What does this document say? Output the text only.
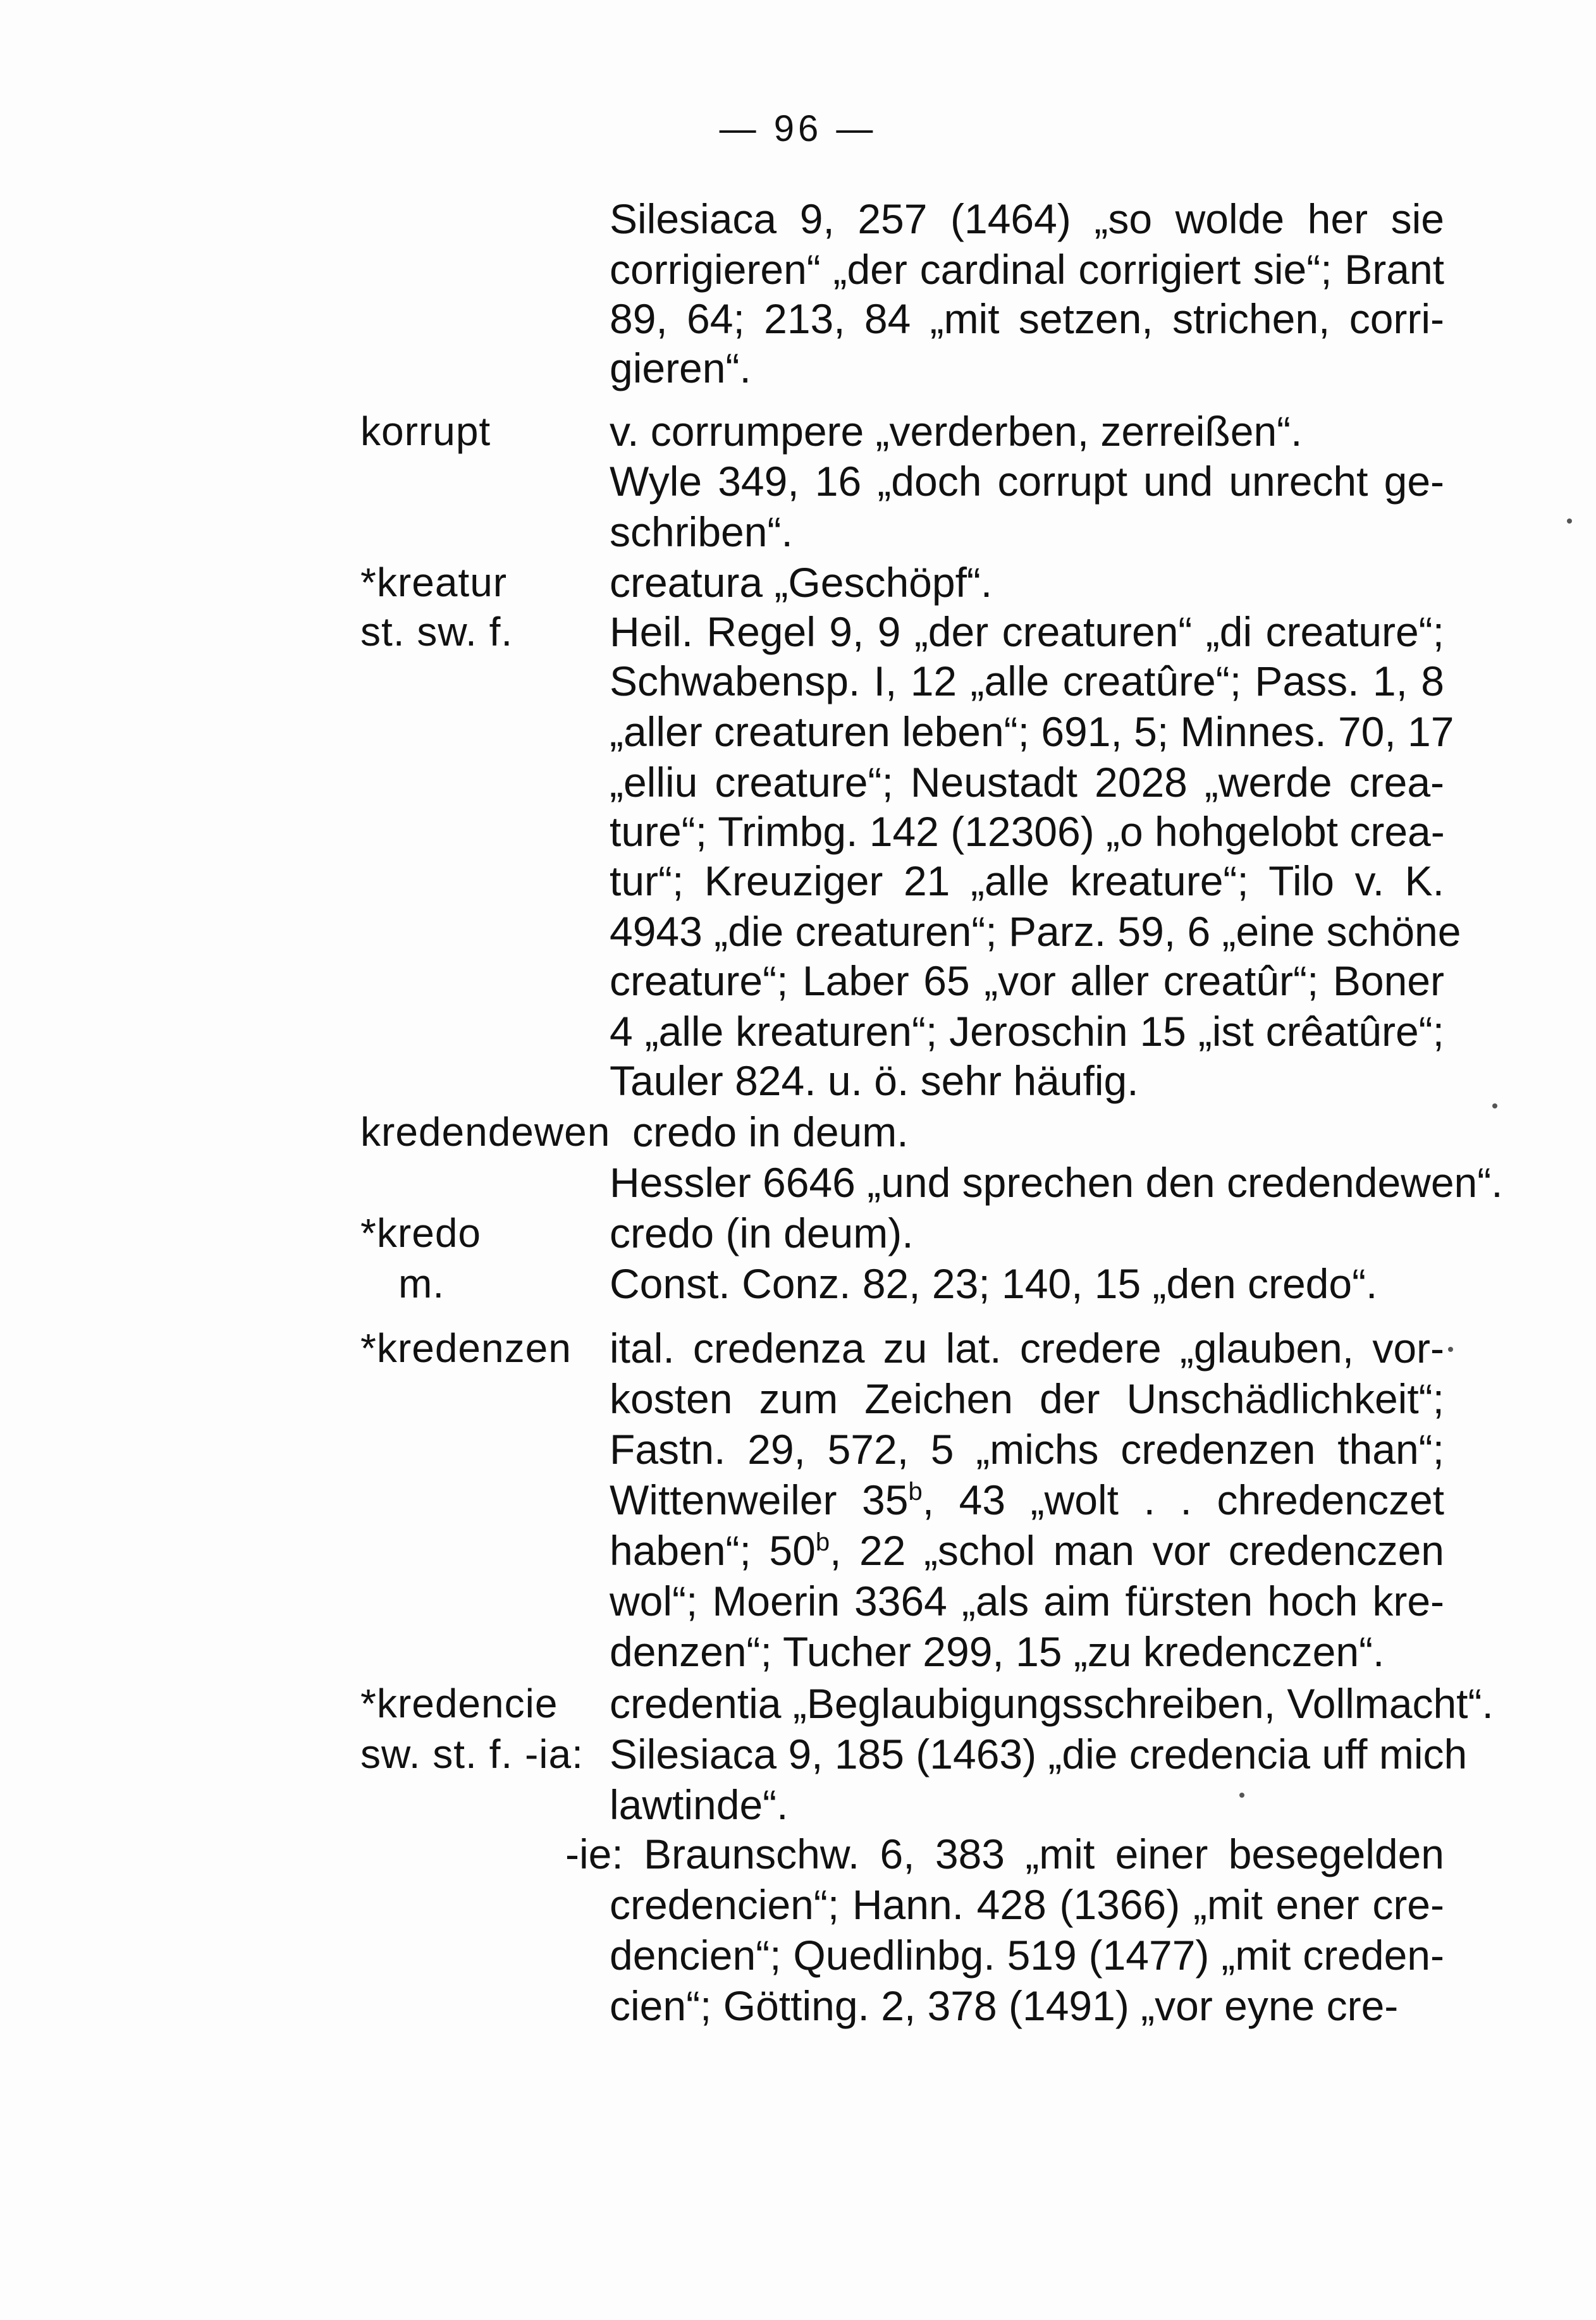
— 96 —
Silesiaca 9, 257 (1464) „so wolde her sie
corrigieren“ „der cardinal corrigiert sie“; Brant
89, 64; 213, 84 „mit setzen, strichen, corri-
gieren“.
korrupt	v. corrumpere „verderben, zerreißen“.
Wyle 349, 16 „doch corrupt und unrecht ge-
schriben“.
*kreatur
st. sw. f.
creatura „Geschöpf“.
Heil. Regel 9, 9 „der creaturen“ „di creature“;
Schwabensp. I, 12 „alle creatûre“; Pass. 1, 8
„aller creaturen leben“; 691, 5; Minnes. 70, 17
„elliu creature“; Neustadt 2028 „werde crea-
ture“; Trimbg. 142 (12306) „o hohgelobt crea-
tur“; Kreuziger 21 „alle kreature“; Tilo v. K.
4943 „die creaturen“; Parz. 59, 6 „eine schöne
creature“; Laber 65 „vor aller creatûr“; Boner
4 „alle kreaturen“; Jeroschin 15 „ist crêatûre“;
Tauler 824. u. ö. sehr häufig.
kredendewen credo in deum.
Hessler 6646 „und sprechen den credendewen“.
*kredo
m.
credo (in deum).
Const. Conz. 82, 23; 140, 15 „den credo“.
*kredenzen ital. credenza zu lat. credere „glauben, vor-
kosten zum Zeichen der Unschädlichkeit“;
Fastn. 29, 572, 5 „michs credenzen than“;
Wittenweiler 35$^b$, 43 „wolt . . chredenczet
haben“; 50$^b$, 22 „schol man vor credenczen
wol“; Moerin 3364 „als aim fürsten hoch kre-
denzen“; Tucher 299, 15 „zu kredenczen“.
*kredencie
sw. st. f. -ia:
credentia „Beglaubigungsschreiben, Vollmacht“.
Silesiaca 9, 185 (1463) „die credencia uff mich
lawtinde“.
-ie: Braunschw. 6, 383 „mit einer besegelden
credencien“; Hann. 428 (1366) „mit ener cre-
dencien“; Quedlinbg. 519 (1477) „mit creden-
cien“; Götting. 2, 378 (1491) „vor eyne cre-
